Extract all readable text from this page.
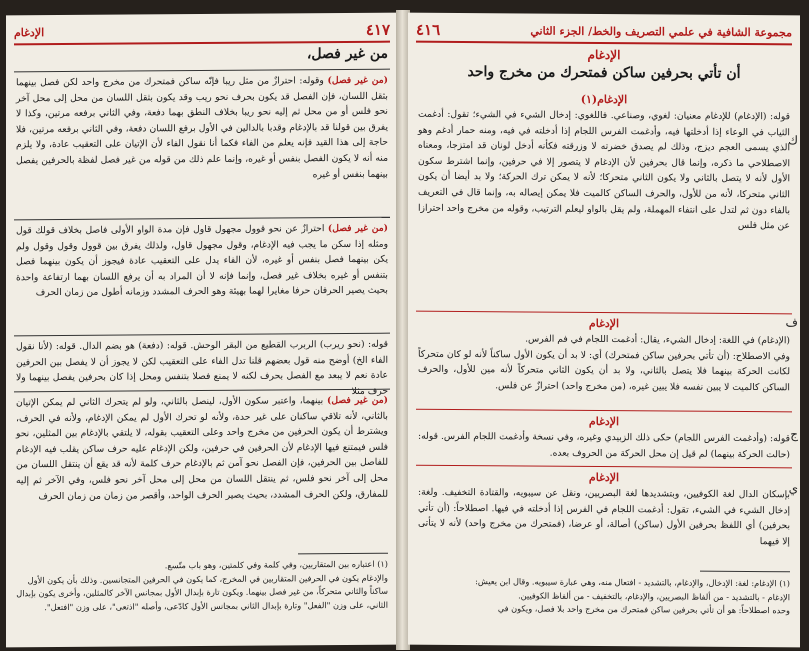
٤١٧
الإدغام
من غير فصل،
(من غير فصل) وقوله: احترازٌ من مثل ريبا فإنّه ساكن فمتحرك من مخرج واحد لكن فصل بينهما بثقل اللسان، فإن الفصل قد يكون بحرف نحو ريب وقد يكون بثقل اللسان من محل إلى محل آخر نحو فلس أو من محل ثم إليه نحو ريبا بخلاف النطق بهما دفعة، وفي الثاني برفعه مرتين، وكذا لا يفرق بين قولنا قد بالإدغام وقدبا بالدالين في الأول برفع اللسان دفعة، وفي الثاني برفعه مرتين، فلا حاجة إلى هذا القيد فإنه يعلم من الفاء فكما أنا نقول الفاء لأن الإتيان على التعقيب عادة، ولا يلزم منه أنه لا يكون الفصل بنفس أو غيره، وإنما علم ذلك من قوله من غير فصل لفظة بالحرفين يفصل بينهما بنفس أو غيره
(من غير فصل) احترازٌ عن نحو قوول مجهول قاول فإن مدة الواو الأولى فاصل بخلاف قولك قول ومثله إذا سكن ما يجب فيه الإدغام، وقول مجهول قاول، ولذلك يفرق بين قوول وقول وقول ولم يكن بينهما فصل بنفس أو غيره، لأن الفاء يدل على التعقيب عادة فيجوز أن يكون بينهما فصل بتنفس أو غيره بخلاف غير فصل، وإنما فإنه لا أن المراد به أن يرفع اللسان بهما ارتفاعة واحدة بحيث يصير الحرفان حرفا مغايرا لهما بهيئة وهو الحرف المشدد وزمانه أطول من زمان الحرف
قوله: (نحو ريرب) الربرب القطيع من البقر الوحش. قوله: (دفعة) هو بضم الدال. قوله: (لأنا نقول الفاء الخ) أوضح منه قول بعضهم قلنا تدل الفاء على التعقيب لكن لا يجوز أن لا يفصل بين الحرفين عادة نعم لا يبعد مع الفصل بحرف لكنه لا يمنع فصلا بتنفس ومحل إذا كان بحرفين يفصل بينهما ولا حرف مثلا
(من غير فصل) بينهما، واعتبر سكون الأول، لينصل بالثاني، ولو لم يتحرك الثاني لم يمكن الإتيان بالثاني، لأنه تلاقي ساكنان على غير حدة، ولأنه لو تحرك الأول لم يمكن الإدغام، ولأنه في الحرف، ويشترط أن يكون الحرفين من مخرج واحد وعلى التعقيب بقوله، لا يلتقي بالإدغام بين المثلين، نحو فلس فيمتنع فيها الإدغام لأن الحرفين في حرفين، ولكن الإدغام عليه حرف ساكن يقلب فيه الإدغام للفاصل بين الحرفين، فإن الفصل نحو آمن ثم بالإدغام حرف كلمة لأنه قد يقع أن ينتقل اللسان من محل إلى آخر نحو فلس، ثم ينتقل اللسان من محل إلى محل آخر نحو فلس، وفي الآخر ثم إليه للمفارق، ولكن الحرف المشدد، بحيث يصير الحرف الواحد، وأقصر من زمان من زمان الحرف
(١) اعتباره بين المتقاربين، وفي كلمة وفي كلمتين، وهو باب متّسع.
والإدغام يكون في الحرفين المتقاربين في المخرج، كما يكون في الحرفين المتجانسين. وذلك بأن يكون الأول ساكناً والثاني متحركاً، من غير فصل بينهما. ويكون تارة بإبدال الأول بمجانس الآخر كالمثلين، وأخرى يكون بإبدال الثاني، على وزن "الفعل" وتارة بإبدال الثاني بمجانس الأول كادّعى، وأصله "اذتعى"، على وزن "افتعل".
مجموعة الشافية في علمي التصريف والخط/ الجزء الثاني
٤١٦
الإدغام
أن تأتي بحرفين ساكن فمتحرك من مخرج واحد
الإدغام(١)
قوله: (الإدغام) للإدغام معنيان: لغوي، وصناعي. فاللغوي: إدخال الشيء في الشيء؛ تقول: أدغمت الثياب في الوعاء إذا أدخلتها فيه، وأدغمت الفرس اللجام إذا أدخلته في فيه، ومنه حمار أدغم وهو الذي يسمى العجم ديزج، وذلك لم يصدق خضرته لا وزرقته فكأنه أدخل لونان قد امتزجا، ومعناه الاصطلاحي ما ذكره، وإنما قال بحرفين لأن الإدغام لا يتصور إلا في حرفين، وإنما اشترط سكون الأول لأنه لا يتصل بالثاني ولا يكون الثاني متحركا؛ لأنه لا يمكن ترك الحركة؛ ولا بد أيضا أن يكون الثاني متحركا، لأنه من للأول، والحرف الساكن كالميت فلا يمكن إيصاله به، وإنما قال في التعريف بالفاء دون ثم لتدل على انتفاء المهملة، ولم يقل بالواو ليعلم الترتيب، وقوله من مخرج واحد احترازا عن مثل فلس
الإدغام
(الإدغام) في اللغة: إدخال الشيء، يقال: أدغمت اللجام في فم الفرس.
وفي الاصطلاح: (أن تأتي بحرفين ساكن فمتحرك) أي: لا بد أن يكون الأول ساكناً لأنه لو كان متحركاً لكانت الحركة بينهما فلا يتصل بالثاني، ولا بد أن يكون الثاني متحركاً لأنه مين للأول، والحرف الساكن كالميت لا يبين نفسه فلا يبين غيره، (من مخرج واحد) احترازٌ عن فلس.
الإدغام
قوله: (وأدغمت الفرس اللجام) حكى ذلك الزبيدي وغيره، وفي نسخة وأدغمت اللجام الفرس. قوله: (حالت الحركة بينهما) لم قيل إن محل الحركة من الحروف بعده.
الإدغام
بإسكان الدال لغة الكوفيين، وبتشديدها لغة البصريين، ونقل عن سيبويه، والقتادة التخفيف. ولغة: إدخال الشيء في الشيء، تقول: أدغمت اللجام في الفرس إذا أدخلته في فيها. اصطلاحاً: (أن تأتي بحرفين) أي اللفظ بحرفين الأول (ساكن) أصالة، أو عرضا، (فمتحرك من مخرج واحد) لأنه لا يتأتى إلا فيهما
(١) الإدغام: لغة: الإدخال، والإدغام، بالتشديد - افتعال منه، وهي عبارة سيبويه. وقال ابن يعيش:
الإدغام - بالتشديد - من ألفاظ البصريين، والإدغام، بالتخفيف - من ألفاظ الكوفيين.
وحده اصطلاحاً: هو أن تأتي بحرفين ساكن فمتحرك من مخرج واحد بلا فصل، ويكون في
ك
ف
ج
ي
